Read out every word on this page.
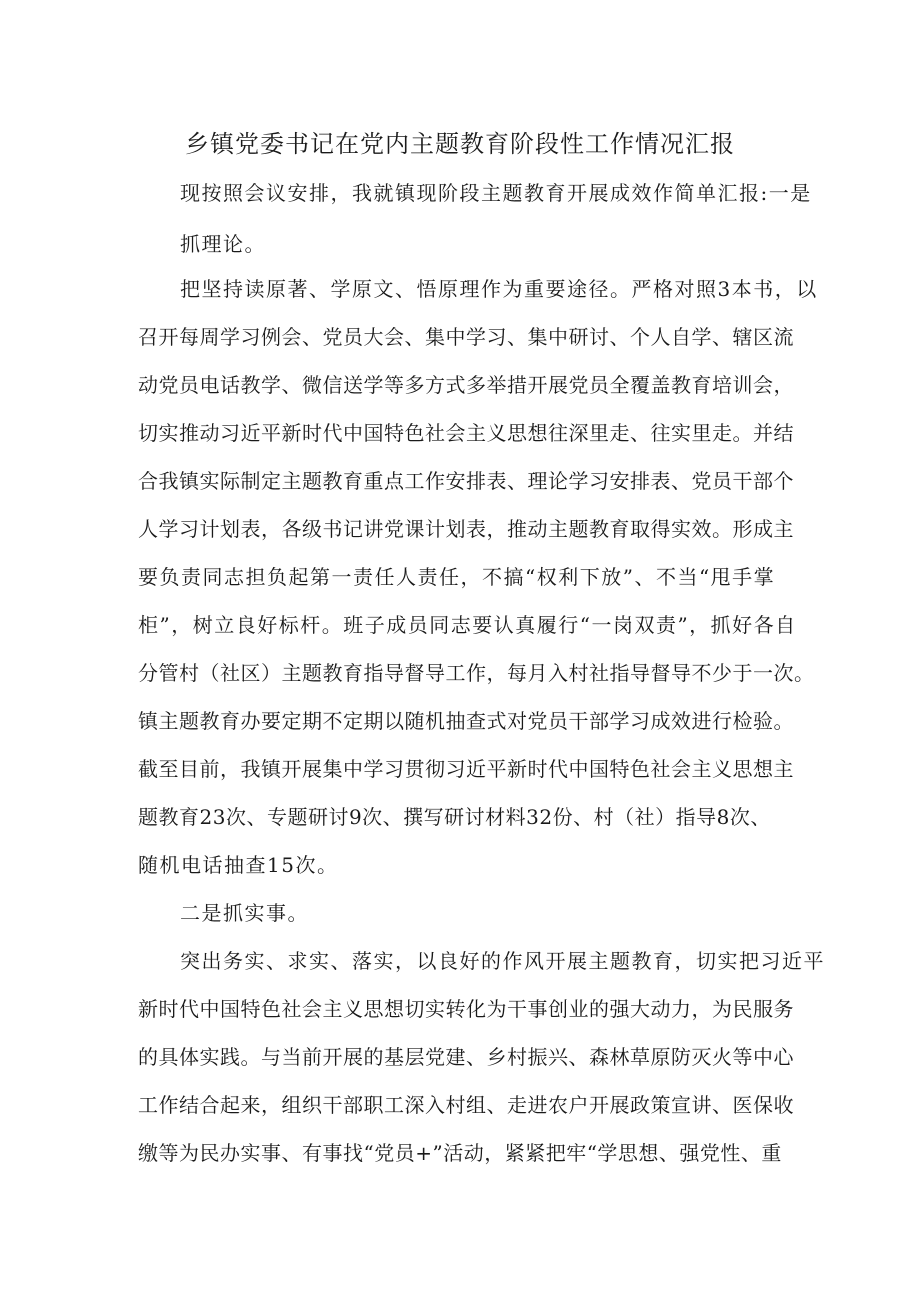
乡镇党委书记在党内主题教育阶段性工作情况汇报

现按照会议安排，我就镇现阶段主题教育开展成效作简单汇报:一是

抓理论。

把坚持读原著、学原文、悟原理作为重要途径。严格对照3本书，以

召开每周学习例会、党员大会、集中学习、集中研讨、个人自学、辖区流

动党员电话教学、微信送学等多方式多举措开展党员全覆盖教育培训会，

切实推动习近平新时代中国特色社会主义思想往深里走、往实里走。并结

合我镇实际制定主题教育重点工作安排表、理论学习安排表、党员干部个

人学习计划表，各级书记讲党课计划表，推动主题教育取得实效。形成主

要负责同志担负起第一责任人责任，不搞“权利下放”、不当“甩手掌

柜”，树立良好标杆。班子成员同志要认真履行“一岗双责”，抓好各自

分管村（社区）主题教育指导督导工作，每月入村社指导督导不少于一次。

镇主题教育办要定期不定期以随机抽查式对党员干部学习成效进行检验。

截至目前，我镇开展集中学习贯彻习近平新时代中国特色社会主义思想主

题教育23次、专题研讨9次、撰写研讨材料32份、村（社）指导8次、

随机电话抽查15次。

二是抓实事。

突出务实、求实、落实，以良好的作风开展主题教育，切实把习近平

新时代中国特色社会主义思想切实转化为干事创业的强大动力，为民服务

的具体实践。与当前开展的基层党建、乡村振兴、森林草原防灭火等中心

工作结合起来，组织干部职工深入村组、走进农户开展政策宣讲、医保收

缴等为民办实事、有事找“党员+”活动，紧紧把牢“学思想、强党性、重
